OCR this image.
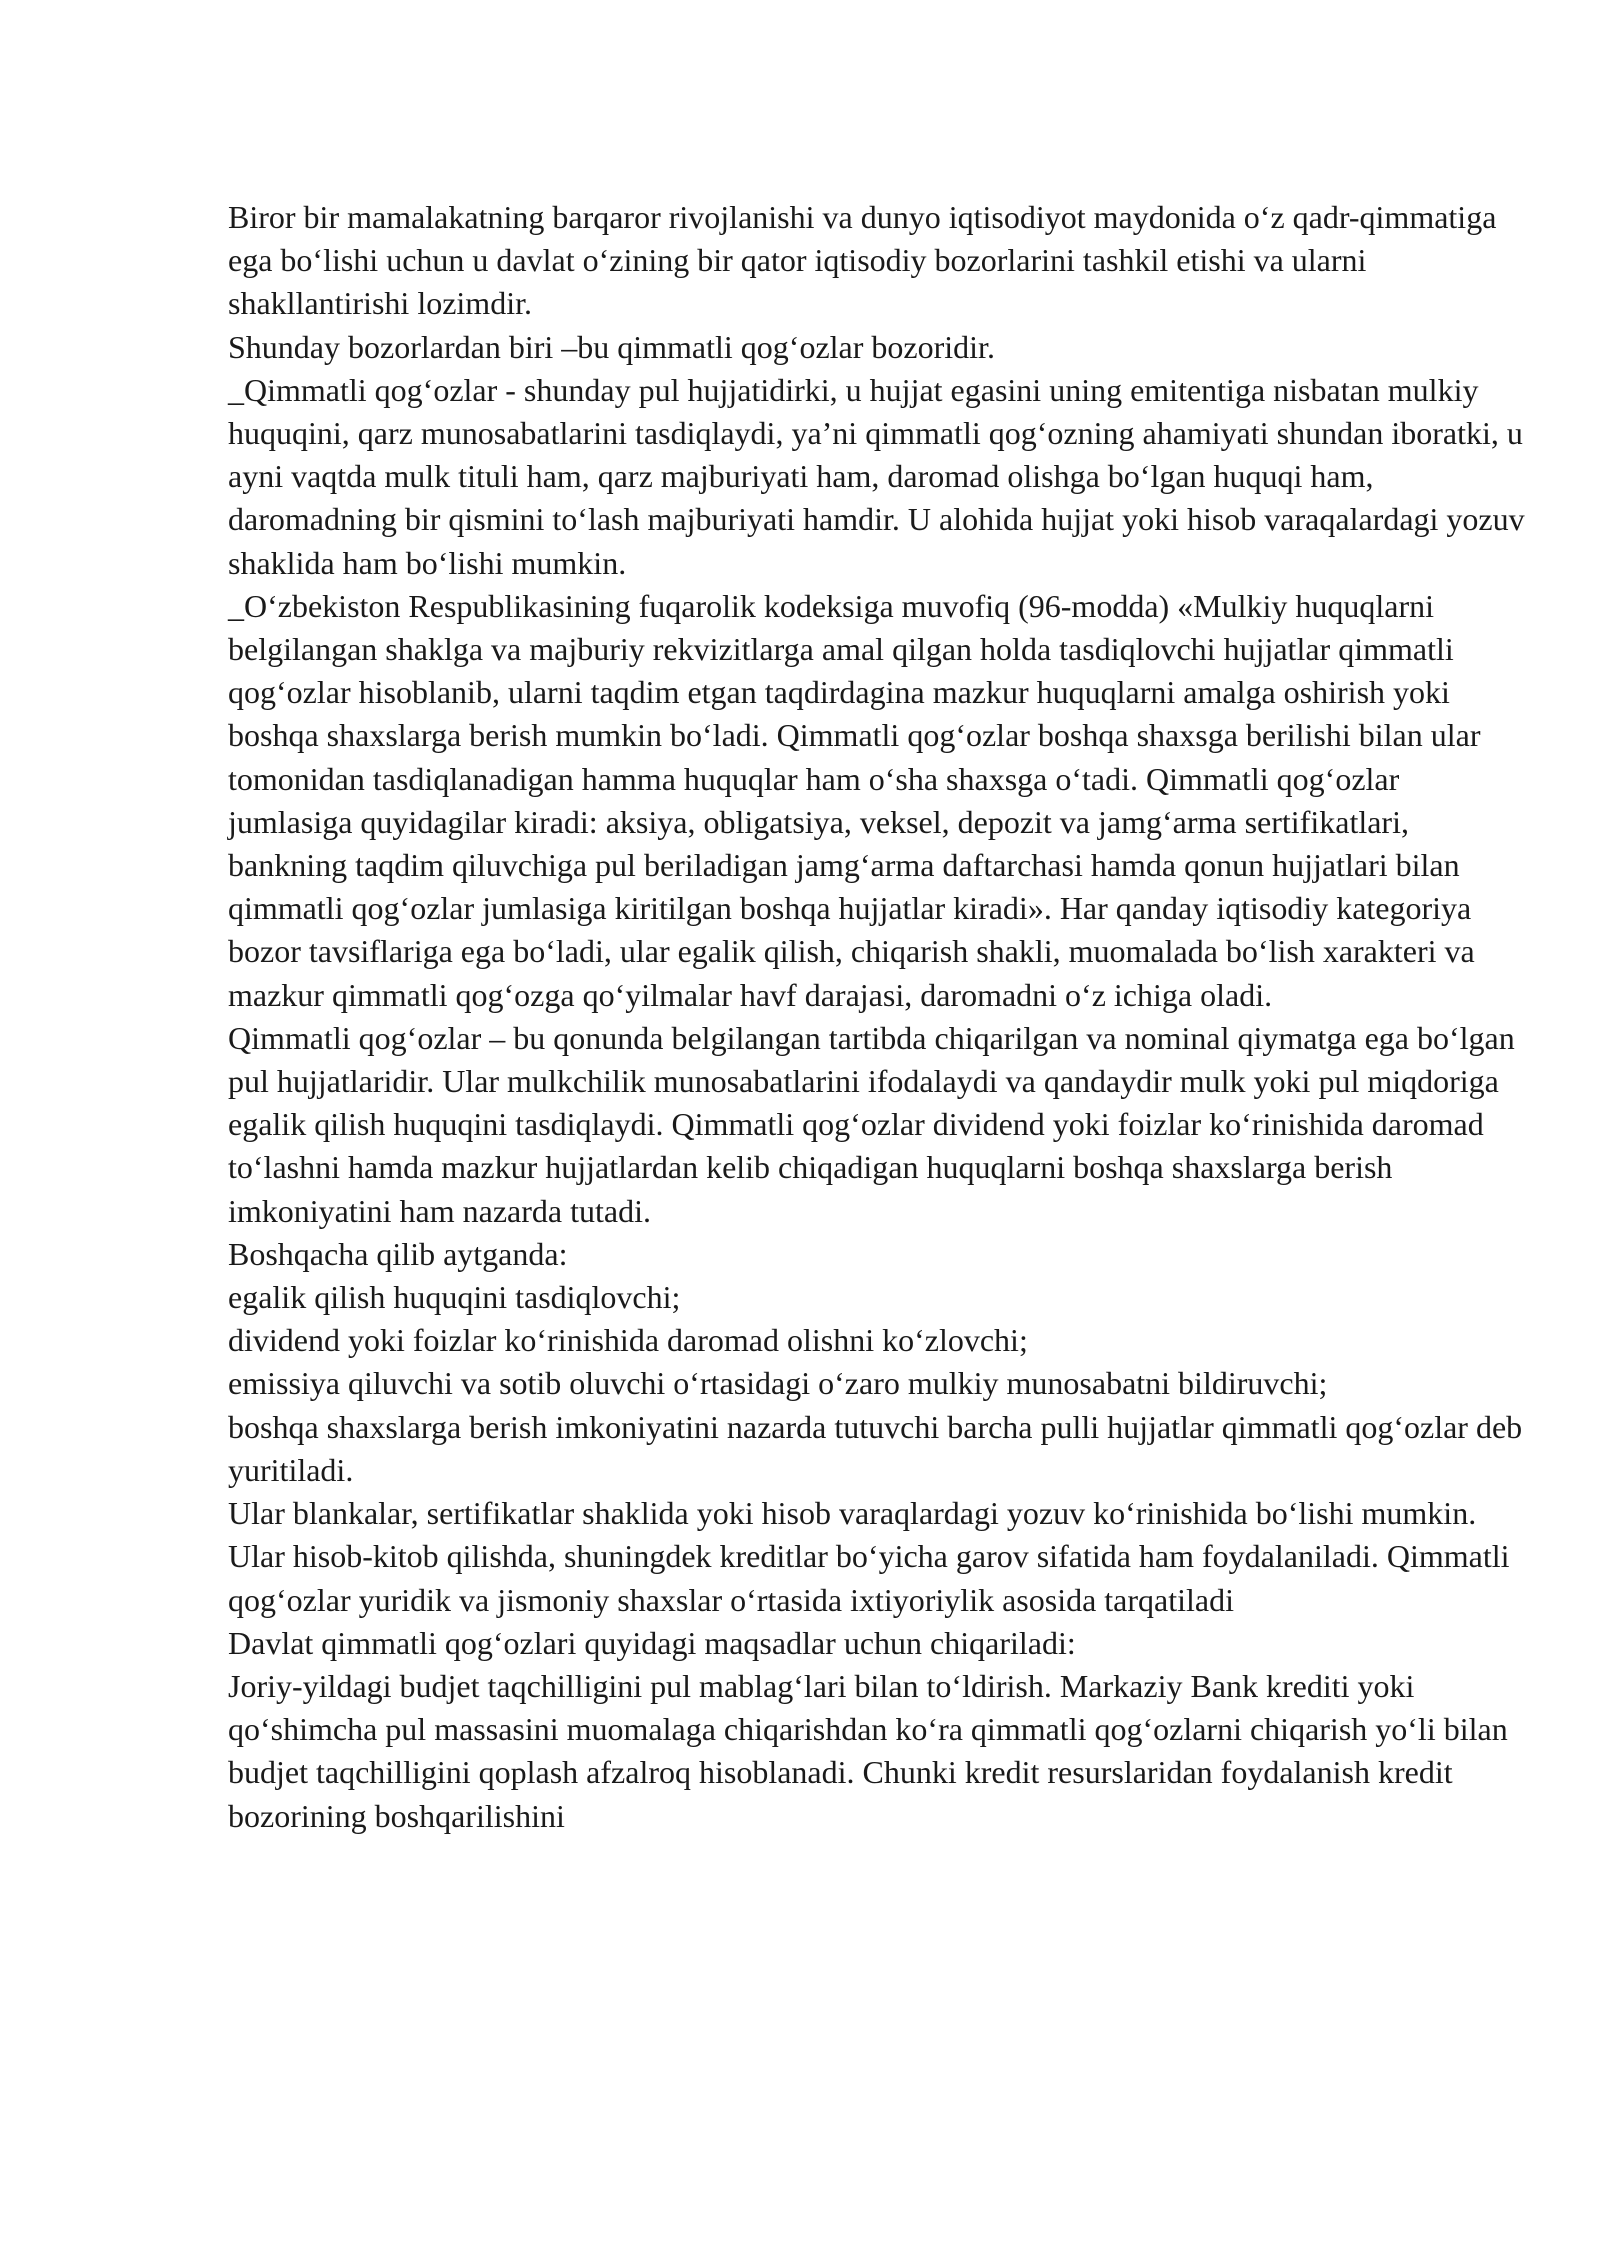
Biror bir mamalakatning barqaror rivojlanishi va dunyo iqtisodiyot maydonida o‘z qadr-qimmatiga ega bo‘lishi uchun u davlat o‘zining bir qator iqtisodiy bozorlarini tashkil etishi va ularni shakllantirishi lozimdir.

Shunday bozorlardan biri –bu qimmatli qog‘ozlar bozoridir.

_Qimmatli qog‘ozlar - shunday pul hujjatidirki, u hujjat egasini uning emitentiga nisbatan mulkiy huquqini, qarz munosabatlarini tasdiqlaydi, ya’ni qimmatli qog‘ozning ahamiyati shundan iboratki, u ayni vaqtda mulk tituli ham, qarz majburiyati ham, daromad olishga bo‘lgan huquqi ham, daromadning bir qismini to‘lash majburiyati hamdir. U alohida hujjat yoki hisob varaqalardagi yozuv shaklida ham bo‘lishi mumkin.

_O‘zbekiston Respublikasining fuqarolik kodeksiga muvofiq (96-modda) «Mulkiy huquqlarni belgilangan shaklga va majburiy rekvizitlarga amal qilgan holda tasdiqlovchi hujjatlar qimmatli qog‘ozlar hisoblanib, ularni taqdim etgan taqdirdagina mazkur huquqlarni amalga oshirish yoki boshqa shaxslarga berish mumkin bo‘ladi. Qimmatli qog‘ozlar boshqa shaxsga berilishi bilan ular tomonidan tasdiqlanadigan hamma huquqlar ham o‘sha shaxsga o‘tadi. Qimmatli qog‘ozlar jumlasiga quyidagilar kiradi: aksiya, obligatsiya, veksel, depozit va jamg‘arma sertifikatlari, bankning taqdim qiluvchiga pul beriladigan jamg‘arma daftarchasi hamda qonun hujjatlari bilan qimmatli qog‘ozlar jumlasiga kiritilgan boshqa hujjatlar kiradi». Har qanday iqtisodiy kategoriya bozor tavsiflariga ega bo‘ladi, ular egalik qilish, chiqarish shakli, muomalada bo‘lish xarakteri va mazkur qimmatli qog‘ozga qo‘yilmalar havf darajasi, daromadni o‘z ichiga oladi.

Qimmatli qog‘ozlar – bu qonunda belgilangan tartibda chiqarilgan va nominal qiymatga ega bo‘lgan pul hujjatlaridir. Ular mulkchilik munosabatlarini ifodalaydi va qandaydir mulk yoki pul miqdoriga egalik qilish huquqini tasdiqlaydi. Qimmatli qog‘ozlar dividend yoki foizlar ko‘rinishida daromad to‘lashni hamda mazkur hujjatlardan kelib chiqadigan huquqlarni boshqa shaxslarga berish imkoniyatini ham nazarda tutadi.

Boshqacha qilib aytganda:

egalik qilish huquqini tasdiqlovchi;

dividend yoki foizlar ko‘rinishida daromad olishni ko‘zlovchi;

emissiya qiluvchi va sotib oluvchi o‘rtasidagi o‘zaro mulkiy munosabatni bildiruvchi;

boshqa shaxslarga berish imkoniyatini nazarda tutuvchi barcha pulli hujjatlar qimmatli qog‘ozlar deb yuritiladi.

Ular blankalar, sertifikatlar shaklida yoki hisob varaqlardagi yozuv ko‘rinishida bo‘lishi mumkin. Ular hisob-kitob qilishda, shuningdek kreditlar bo‘yicha garov sifatida ham foydalaniladi. Qimmatli qog‘ozlar yuridik va jismoniy shaxslar o‘rtasida ixtiyoriylik asosida tarqatiladi

Davlat qimmatli qog‘ozlari quyidagi maqsadlar uchun chiqariladi:

Joriy-yildagi budjet taqchilligini pul mablag‘lari bilan to‘ldirish. Markaziy Bank krediti yoki qo‘shimcha pul massasini muomalaga chiqarishdan ko‘ra qimmatli qog‘ozlarni chiqarish yo‘li bilan budjet taqchilligini qoplash afzalroq hisoblanadi. Chunki kredit resurslaridan foydalanish kredit bozorining boshqarilishini
